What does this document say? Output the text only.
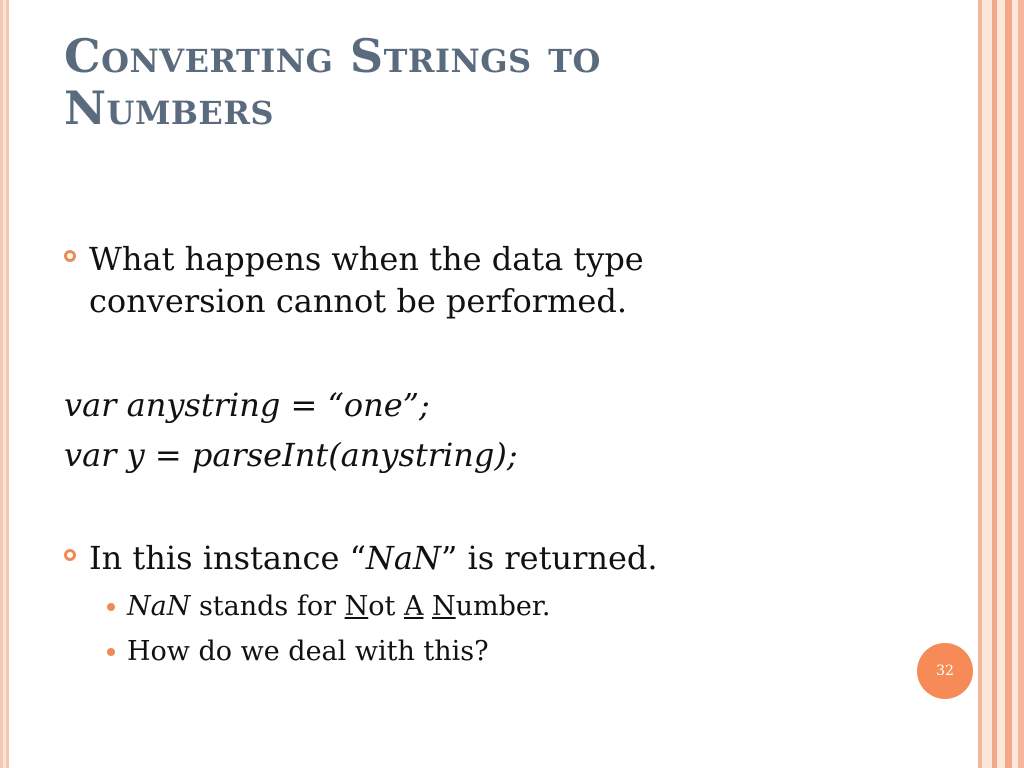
Converting Strings to
Numbers
What happens when the data type
conversion cannot be performed.
var anystring = “one”;
var y = parseInt(anystring);
In this instance “NaN” is returned.
NaN stands for Not A Number.
How do we deal with this?
32
